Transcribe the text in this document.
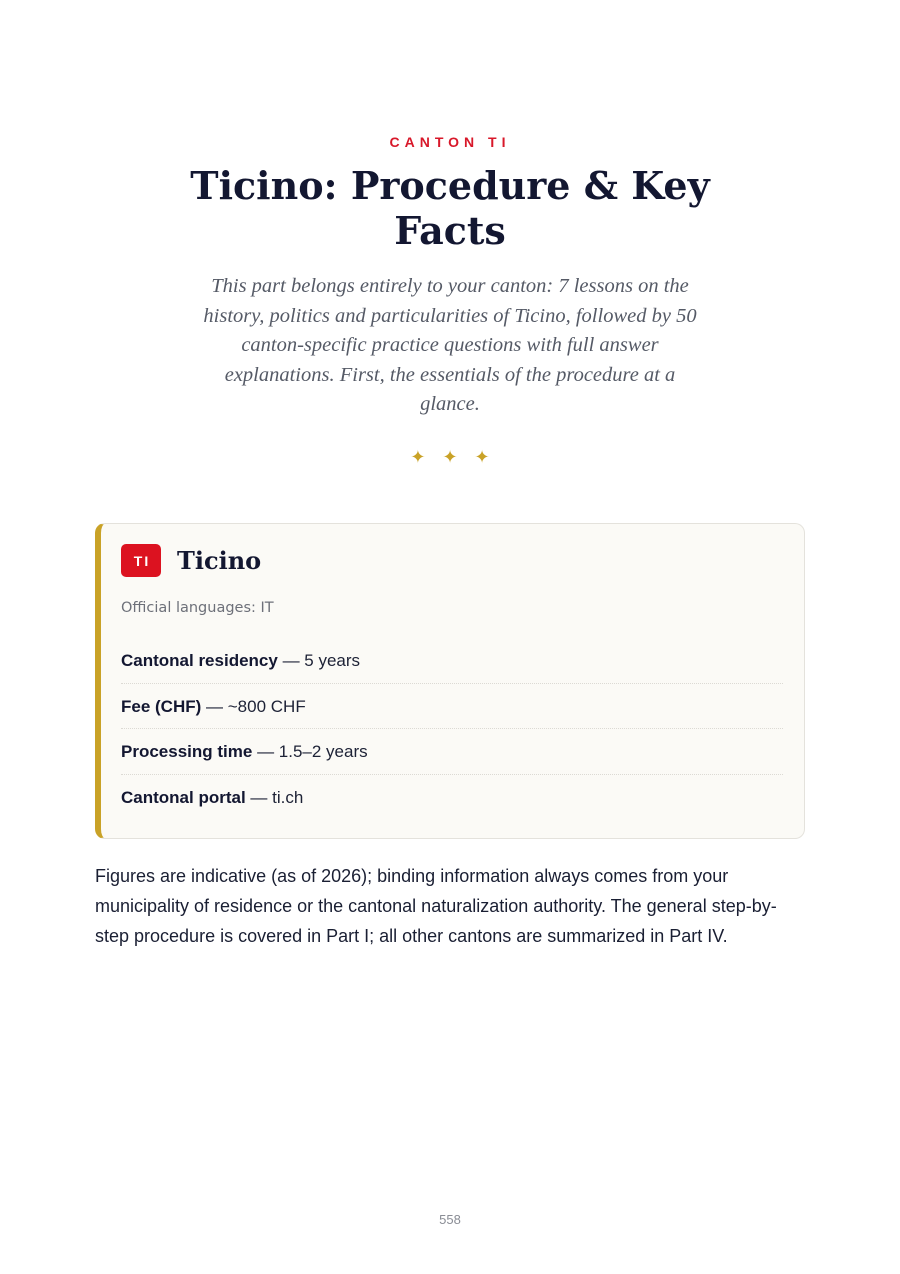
CANTON TI
Ticino: Procedure & Key Facts

This part belongs entirely to your canton: 7 lessons on the history, politics and particularities of Ticino, followed by 50 canton-specific practice questions with full answer explanations. First, the essentials of the procedure at a glance.

✦✦✦
TI	Ticino
Official languages: IT
Cantonal residency — 5 years
Fee (CHF) — ~800 CHF
Processing time — 1.5–2 years
Cantonal portal — ti.ch

Figures are indicative (as of 2026); binding information always comes from your municipality of residence or the cantonal naturalization authority. The general step-by-step procedure is covered in Part I; all other cantons are summarized in Part IV.

558
